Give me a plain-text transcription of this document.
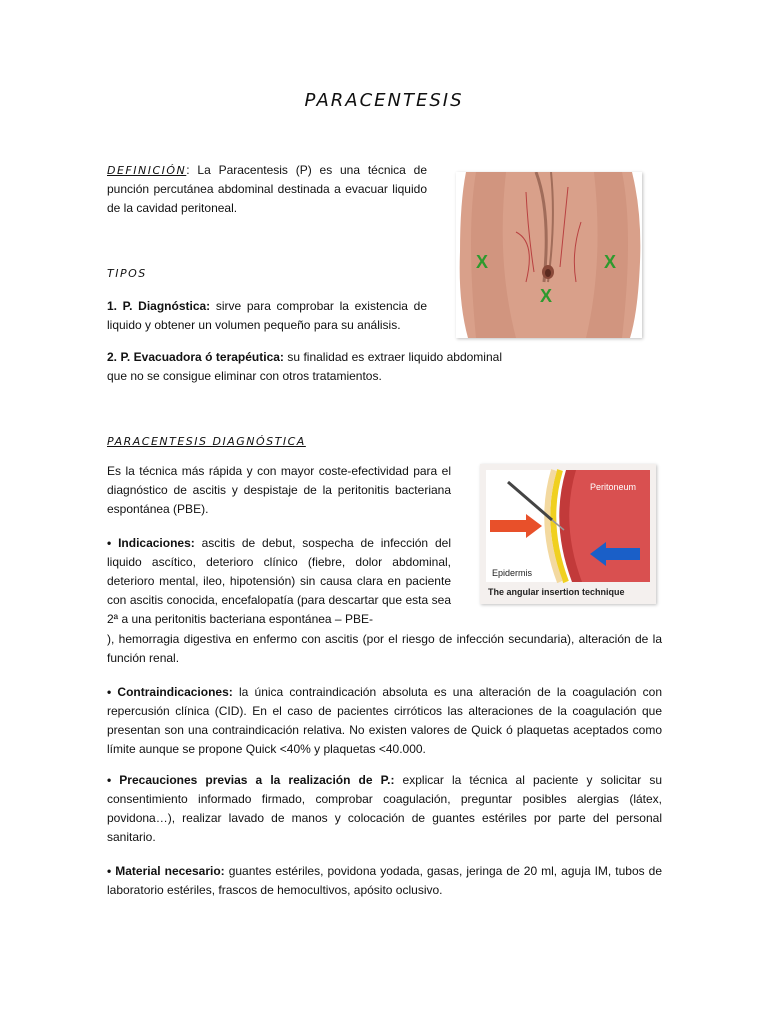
PARACENTESIS
DEFINICIÓN: La Paracentesis (P) es una técnica de punción percutánea abdominal destinada a evacuar liquido de la cavidad peritoneal.
X	X
X
TIPOS
1. P. Diagnóstica: sirve para comprobar la existencia de liquido y obtener un volumen pequeño para su análisis.
2. P. Evacuadora ó terapéutica: su finalidad es extraer liquido abdominal que no se consigue eliminar con otros tratamientos.
PARACENTESIS DIAGNÓSTICA
Es la técnica más rápida y con mayor coste-efectividad para el diagnóstico de ascitis y despistaje de la peritonitis bacteriana espontánea (PBE).
• Indicaciones: ascitis de debut, sospecha de infección del liquido ascítico, deterioro clínico (fiebre, dolor abdominal, deterioro mental, ileo, hipotensión) sin causa clara en paciente con ascitis conocida, encefalopatía (para descartar que esta sea 2ª a una peritonitis bacteriana espontánea – PBE-
), hemorragia digestiva en enfermo con ascitis (por el riesgo de infección secundaria), alteración de la función renal.
Peritoneum
Epidermis
The angular insertion technique
• Contraindicaciones: la única contraindicación absoluta es una alteración de la coagulación con repercusión clínica (CID). En el caso de pacientes cirróticos las alteraciones de la coagulación que presentan son una contraindicación relativa. No existen valores de Quick ó plaquetas aceptados como límite aunque se propone Quick <40% y plaquetas <40.000.
• Precauciones previas a la realización de P.: explicar la técnica al paciente y solicitar su consentimiento informado firmado, comprobar coagulación, preguntar posibles alergias (látex, povidona…), realizar lavado de manos y colocación de guantes estériles por parte del personal sanitario.
• Material necesario: guantes estériles, povidona yodada, gasas, jeringa de 20 ml, aguja IM, tubos de laboratorio estériles, frascos de hemocultivos, apósito oclusivo.
